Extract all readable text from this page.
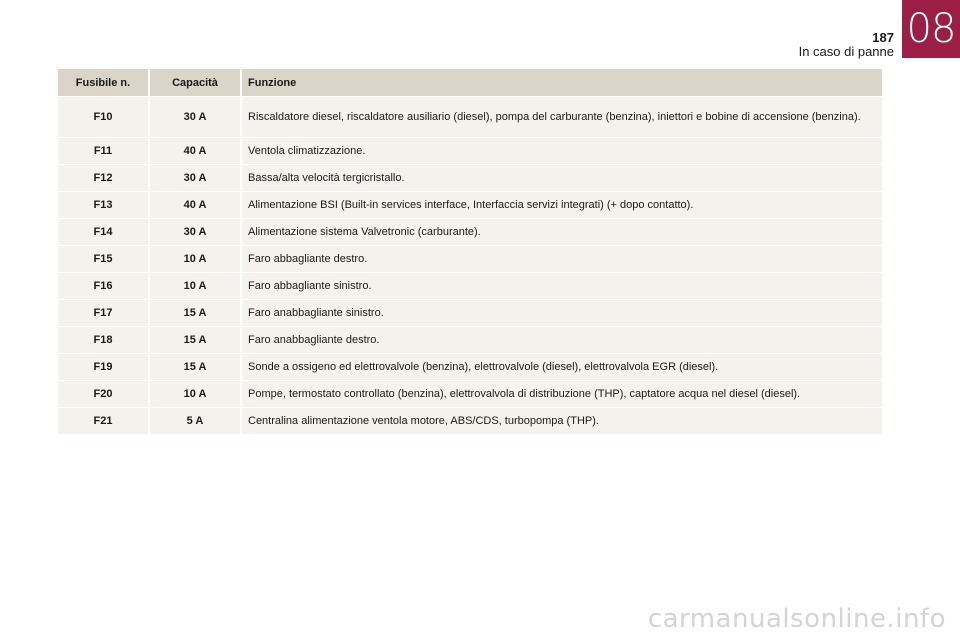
187
In caso di panne 08
Fusibile n.	Capacità	Funzione
F10	30 A	Riscaldatore diesel, riscaldatore ausiliario (diesel), pompa del carburante (benzina), iniettori e bobine di accensione (benzina).
F11	40 A	Ventola climatizzazione.
F12	30 A	Bassa/alta velocità tergicristallo.
F13	40 A	Alimentazione BSI (Built-in services interface, Interfaccia servizi integrati) (+ dopo contatto).
F14	30 A	Alimentazione sistema Valvetronic (carburante).
F15	10 A	Faro abbagliante destro.
F16	10 A	Faro abbagliante sinistro.
F17	15 A	Faro anabbagliante sinistro.
F18	15 A	Faro anabbagliante destro.
F19	15 A	Sonde a ossigeno ed elettrovalvole (benzina), elettrovalvole (diesel), elettrovalvola EGR (diesel).
F20	10 A	Pompe, termostato controllato (benzina), elettrovalvola di distribuzione (THP), captatore acqua nel diesel (diesel).
F21	5 A	Centralina alimentazione ventola motore, ABS/CDS, turbopompa (THP).
carmanualsonline.info
